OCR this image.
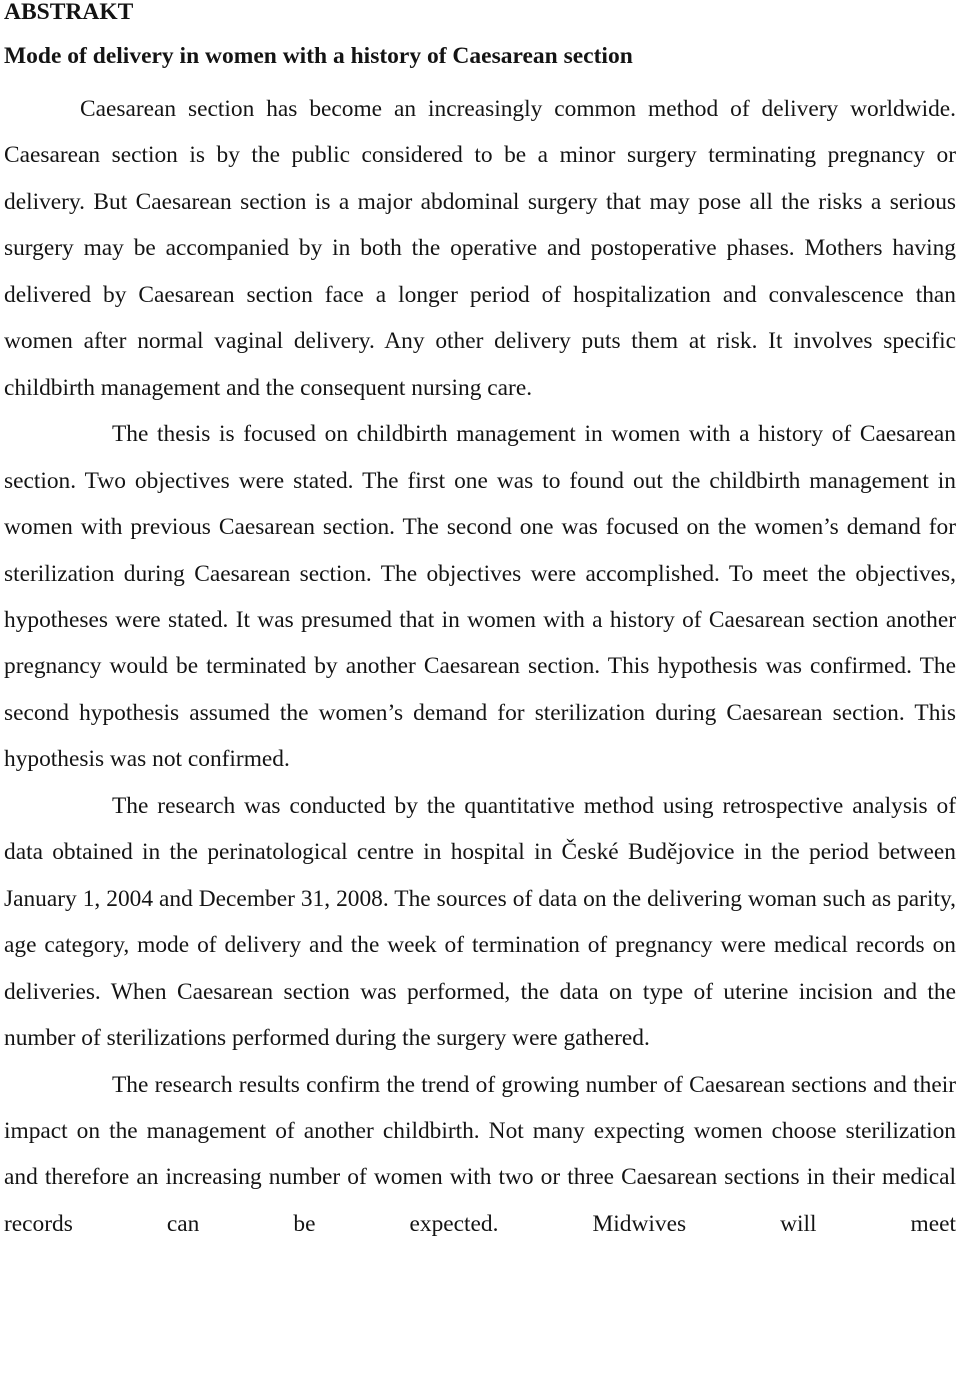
ABSTRAKT
Mode of delivery in women with a history of Caesarean section

Caesarean section has become an increasingly common method of delivery worldwide. Caesarean section is by the public considered to be a minor surgery terminating pregnancy or delivery. But Caesarean section is a major abdominal surgery that may pose all the risks a serious surgery may be accompanied by in both the operative and postoperative phases. Mothers having delivered by Caesarean section face a longer period of hospitalization and convalescence than women after normal vaginal delivery. Any other delivery puts them at risk. It involves specific childbirth management and the consequent nursing care.

The thesis is focused on childbirth management in women with a history of Caesarean section. Two objectives were stated. The first one was to found out the childbirth management in women with previous Caesarean section. The second one was focused on the women’s demand for sterilization during Caesarean section. The objectives were accomplished. To meet the objectives, hypotheses were stated. It was presumed that in women with a history of Caesarean section another pregnancy would be terminated by another Caesarean section. This hypothesis was confirmed. The second hypothesis assumed the women’s demand for sterilization during Caesarean section. This hypothesis was not confirmed.

The research was conducted by the quantitative method using retrospective analysis of data obtained in the perinatological centre in hospital in České Budějovice in the period between January 1, 2004 and December 31, 2008. The sources of data on the delivering woman such as parity, age category, mode of delivery and the week of termination of pregnancy were medical records on deliveries. When Caesarean section was performed, the data on type of uterine incision and the number of sterilizations performed during the surgery were gathered.

The research results confirm the trend of growing number of Caesarean sections and their impact on the management of another childbirth. Not many expecting women choose sterilization and therefore an increasing number of women with two or three Caesarean sections in their medical records can be expected. Midwives will meet
